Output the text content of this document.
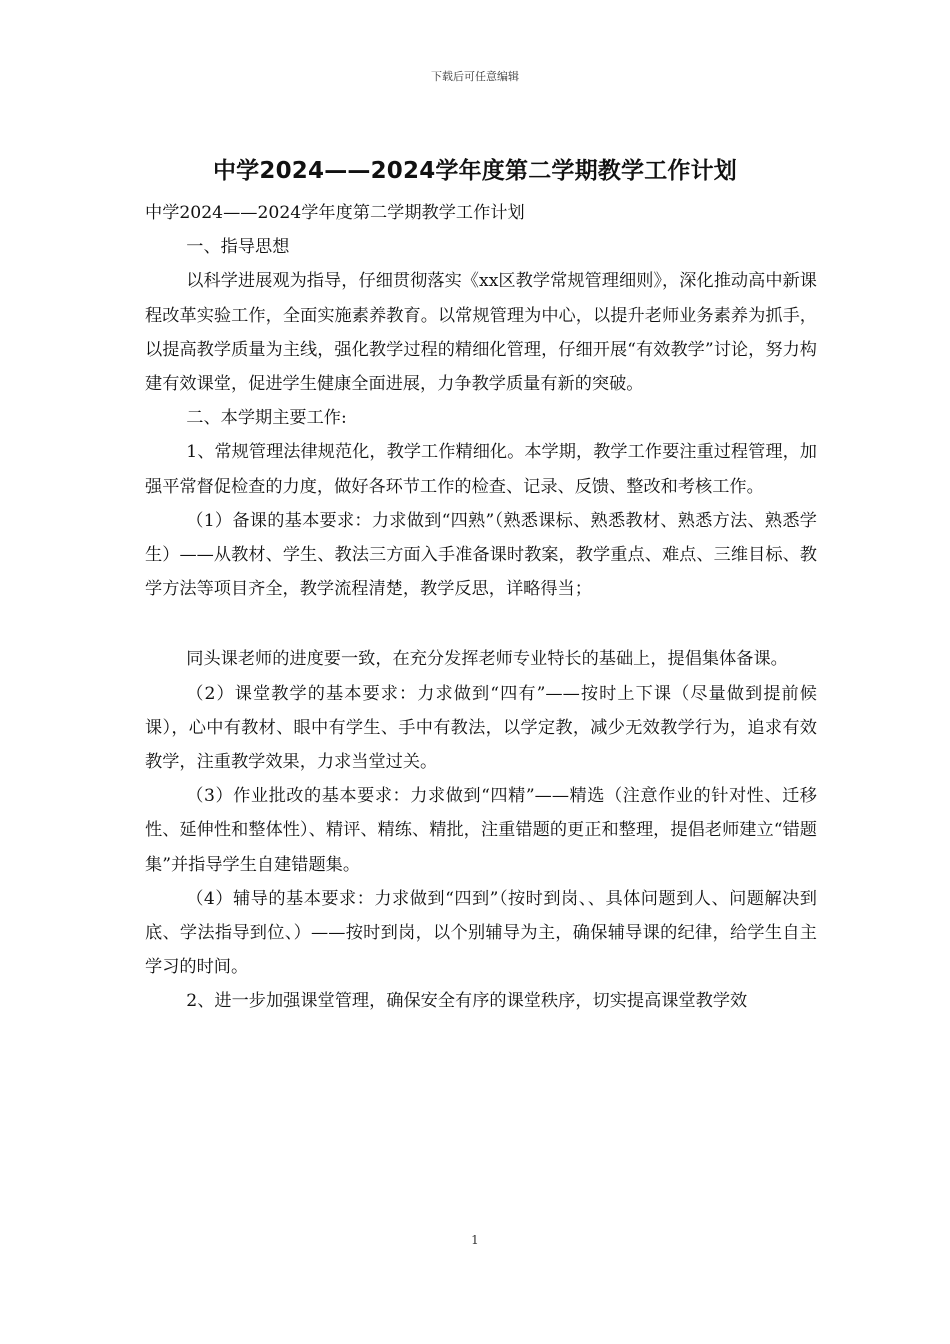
下载后可任意编辑
中学2024——2024学年度第二学期教学工作计划

中学2024——2024学年度第二学期教学工作计划

一、指导思想

以科学进展观为指导，仔细贯彻落实《xx区教学常规管理细则》，深化推动高中新课程改革实验工作，全面实施素养教育。以常规管理为中心，以提升老师业务素养为抓手，以提高教学质量为主线，强化教学过程的精细化管理，仔细开展“有效教学”讨论，努力构建有效课堂，促进学生健康全面进展，力争教学质量有新的突破。

二、本学期主要工作:

1、常规管理法律规范化，教学工作精细化。本学期，教学工作要注重过程管理，加强平常督促检查的力度，做好各环节工作的检查、记录、反馈、整改和考核工作。

（1）备课的基本要求：力求做到“四熟”（熟悉课标、熟悉教材、熟悉方法、熟悉学生）——从教材、学生、教法三方面入手准备课时教案，教学重点、难点、三维目标、教学方法等项目齐全，教学流程清楚，教学反思，详略得当；

同头课老师的进度要一致，在充分发挥老师专业特长的基础上，提倡集体备课。

（2）课堂教学的基本要求：力求做到“四有”——按时上下课（尽量做到提前候课），心中有教材、眼中有学生、手中有教法，以学定教，减少无效教学行为，追求有效教学，注重教学效果，力求当堂过关。

（3）作业批改的基本要求：力求做到“四精”——精选（注意作业的针对性、迁移性、延伸性和整体性）、精评、精练、精批，注重错题的更正和整理，提倡老师建立“错题集”并指导学生自建错题集。

（4）辅导的基本要求：力求做到“四到”（按时到岗、、具体问题到人、问题解决到底、学法指导到位、）——按时到岗，以个别辅导为主，确保辅导课的纪律，给学生自主学习的时间。

2、进一步加强课堂管理，确保安全有序的课堂秩序，切实提高课堂教学效

1
